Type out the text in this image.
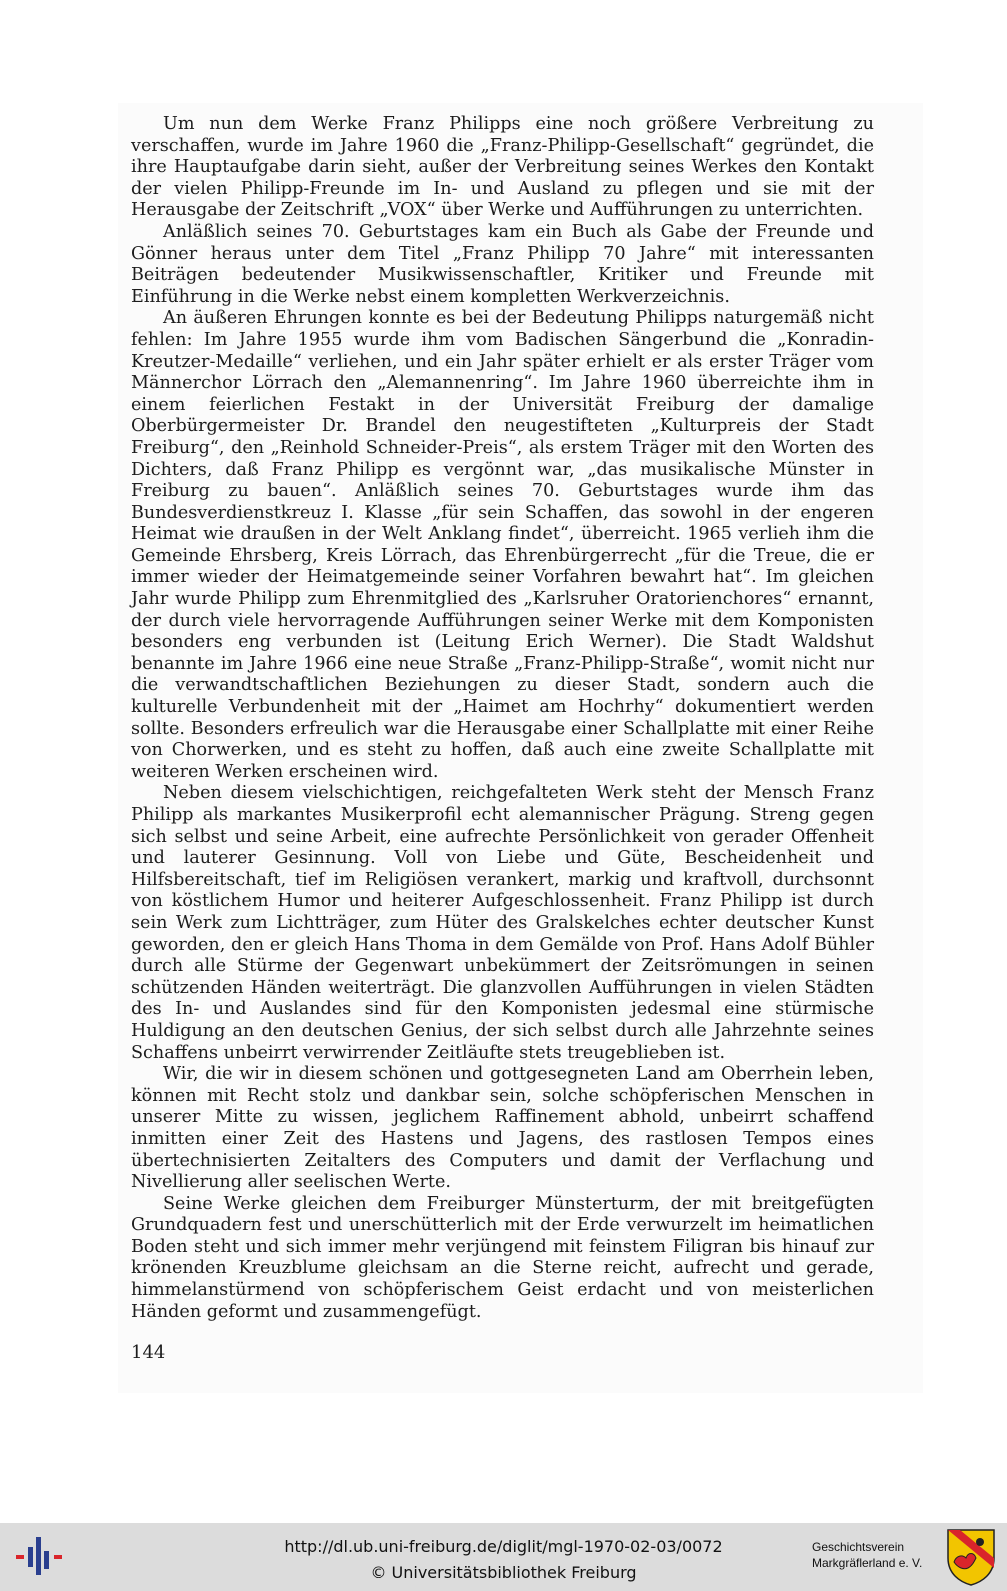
Um nun dem Werke Franz Philipps eine noch größere Verbreitung zu verschaffen, wurde im Jahre 1960 die „Franz-Philipp-Gesellschaft“ gegründet, die ihre Hauptaufgabe darin sieht, außer der Verbreitung seines Werkes den Kontakt der vielen Philipp-Freunde im In- und Ausland zu pflegen und sie mit der Herausgabe der Zeitschrift „VOX“ über Werke und Aufführungen zu unterrichten.

Anläßlich seines 70. Geburtstages kam ein Buch als Gabe der Freunde und Gönner heraus unter dem Titel „Franz Philipp 70 Jahre“ mit interessanten Beiträgen bedeutender Musikwissenschaftler, Kritiker und Freunde mit Einführung in die Werke nebst einem kompletten Werkverzeichnis.

An äußeren Ehrungen konnte es bei der Bedeutung Philipps naturgemäß nicht fehlen: Im Jahre 1955 wurde ihm vom Badischen Sängerbund die „Konradin-Kreutzer-Medaille“ verliehen, und ein Jahr später erhielt er als erster Träger vom Männerchor Lörrach den „Alemannenring“. Im Jahre 1960 überreichte ihm in einem feierlichen Festakt in der Universität Freiburg der damalige Oberbürgermeister Dr. Brandel den neugestifteten „Kulturpreis der Stadt Freiburg“, den „Reinhold Schneider-Preis“, als erstem Träger mit den Worten des Dichters, daß Franz Philipp es vergönnt war, „das musikalische Münster in Freiburg zu bauen“. Anläßlich seines 70. Geburtstages wurde ihm das Bundesverdienstkreuz I. Klasse „für sein Schaffen, das sowohl in der engeren Heimat wie draußen in der Welt Anklang findet“, überreicht. 1965 verlieh ihm die Gemeinde Ehrsberg, Kreis Lörrach, das Ehrenbürgerrecht „für die Treue, die er immer wieder der Heimatgemeinde seiner Vorfahren bewahrt hat“. Im gleichen Jahr wurde Philipp zum Ehrenmitglied des „Karlsruher Oratorienchores“ ernannt, der durch viele hervorragende Aufführungen seiner Werke mit dem Komponisten besonders eng verbunden ist (Leitung Erich Werner). Die Stadt Waldshut benannte im Jahre 1966 eine neue Straße „Franz-Philipp-Straße“, womit nicht nur die verwandtschaftlichen Beziehungen zu dieser Stadt, sondern auch die kulturelle Verbundenheit mit der „Haimet am Hochrhy“ dokumentiert werden sollte. Besonders erfreulich war die Herausgabe einer Schallplatte mit einer Reihe von Chorwerken, und es steht zu hoffen, daß auch eine zweite Schallplatte mit weiteren Werken erscheinen wird.

Neben diesem vielschichtigen, reichgefalteten Werk steht der Mensch Franz Philipp als markantes Musikerprofil echt alemannischer Prägung. Streng gegen sich selbst und seine Arbeit, eine aufrechte Persönlichkeit von gerader Offenheit und lauterer Gesinnung. Voll von Liebe und Güte, Bescheidenheit und Hilfsbereitschaft, tief im Religiösen verankert, markig und kraftvoll, durchsonnt von köstlichem Humor und heiterer Aufgeschlossenheit. Franz Philipp ist durch sein Werk zum Lichtträger, zum Hüter des Gralskelches echter deutscher Kunst geworden, den er gleich Hans Thoma in dem Gemälde von Prof. Hans Adolf Bühler durch alle Stürme der Gegenwart unbekümmert der Zeitsrömungen in seinen schützenden Händen weiterträgt. Die glanzvollen Aufführungen in vielen Städten des In- und Auslandes sind für den Komponisten jedesmal eine stürmische Huldigung an den deutschen Genius, der sich selbst durch alle Jahrzehnte seines Schaffens unbeirrt verwirrender Zeitläufte stets treugeblieben ist.

Wir, die wir in diesem schönen und gottgesegneten Land am Oberrhein leben, können mit Recht stolz und dankbar sein, solche schöpferischen Menschen in unserer Mitte zu wissen, jeglichem Raffinement abhold, unbeirrt schaffend inmitten einer Zeit des Hastens und Jagens, des rastlosen Tempos eines übertechnisierten Zeitalters des Computers und damit der Verflachung und Nivellierung aller seelischen Werte.

Seine Werke gleichen dem Freiburger Münsterturm, der mit breitgefügten Grundquadern fest und unerschütterlich mit der Erde verwurzelt im heimatlichen Boden steht und sich immer mehr verjüngend mit feinstem Filigran bis hinauf zur krönenden Kreuzblume gleichsam an die Sterne reicht, aufrecht und gerade, himmelanstürmend von schöpferischem Geist erdacht und von meisterlichen Händen geformt und zusammengefügt.

144
http://dl.ub.uni-freiburg.de/diglit/mgl-1970-02-03/0072
© Universitätsbibliothek Freiburg
Geschichtsverein
Markgräflerland e. V.
